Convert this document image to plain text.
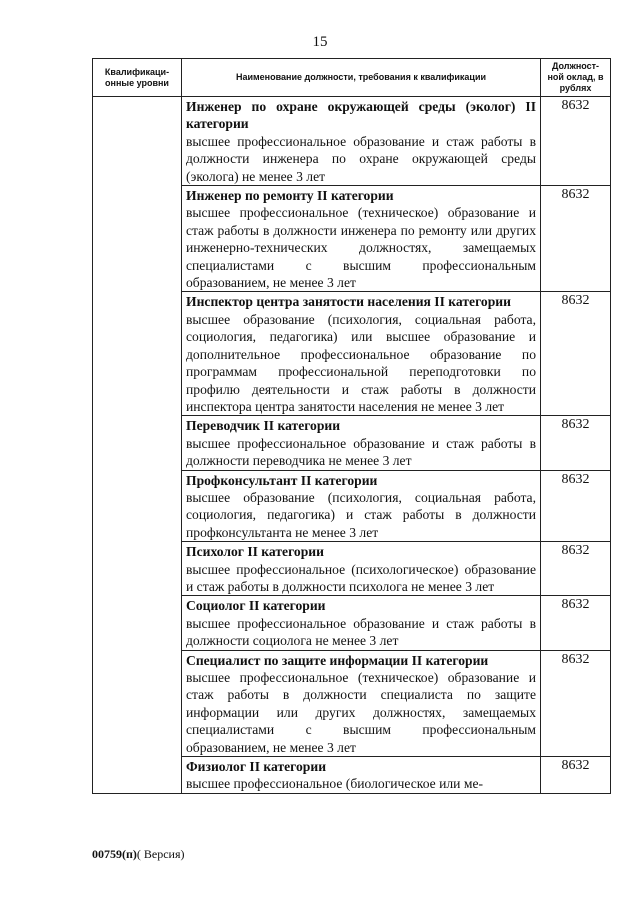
15
Квалификаци-онные уровни	Наименование должности, требования к квалификации	Должност-ной оклад, в рублях

	Инженер по охране окружающей среды (эколог) II категории
высшее профессиональное образование и стаж работы в должности инженера по охране окружающей среды (эколога) не менее 3 лет	8632

	Инженер по ремонту II категории
высшее профессиональное (техническое) образование и стаж работы в должности инженера по ремонту или других инженерно-технических должностях, замещаемых специалистами с высшим профессиональным образованием, не менее 3 лет	8632

	Инспектор центра занятости населения II категории
высшее образование (психология, социальная работа, социология, педагогика) или высшее образование и дополнительное профессиональное образование по программам профессиональной переподготовки по профилю деятельности и стаж работы в должности инспектора центра занятости населения не менее 3 лет	8632

	Переводчик II категории
высшее профессиональное образование и стаж работы в должности переводчика не менее 3 лет	8632

	Профконсультант II категории
высшее образование (психология, социальная работа, социология, педагогика) и стаж работы в должности профконсультанта не менее 3 лет	8632

	Психолог II категории
высшее профессиональное (психологическое) образование и стаж работы в должности психолога не менее 3 лет	8632

	Социолог II категории
высшее профессиональное образование и стаж работы в должности социолога не менее 3 лет	8632

	Специалист по защите информации II категории
высшее профессиональное (техническое) образование и стаж работы в должности специалиста по защите информации или других должностях, замещаемых специалистами с высшим профессиональным образованием, не менее 3 лет	8632

	Физиолог II категории
высшее профессиональное (биологическое или ме-	8632
00759(п)( Версия)
